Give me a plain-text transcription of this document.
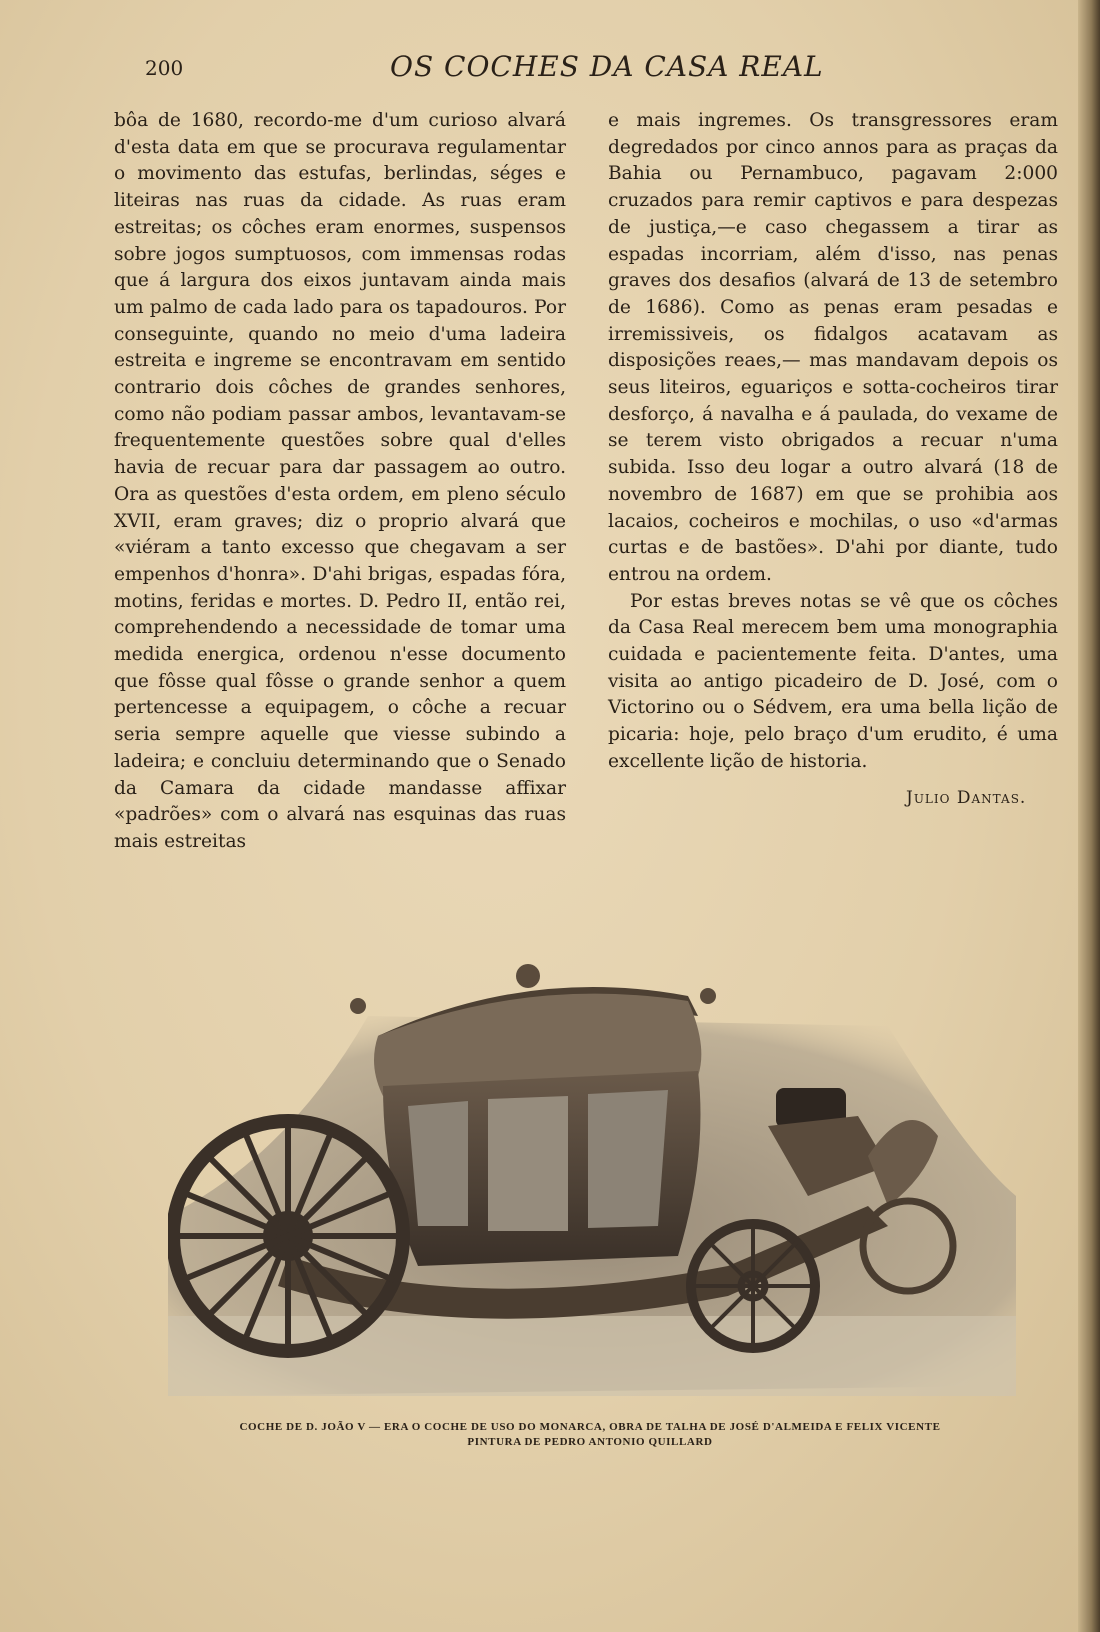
200	OS COCHES DA CASA REAL

bôa de 1680, recordo-me d'um curioso alvará d'esta data em que se procurava regulamentar o movimento das estufas, berlindas, séges e liteiras nas ruas da cidade. As ruas eram estreitas; os côches eram enormes, suspensos sobre jogos sumptuosos, com immensas rodas que á largura dos eixos juntavam ainda mais um palmo de cada lado para os tapadouros. Por conseguinte, quando no meio d'uma ladeira estreita e ingreme se encontravam em sentido contrario dois côches de grandes senhores, como não podiam passar ambos, levantavam-se frequentemente questões sobre qual d'elles havia de recuar para dar passagem ao outro. Ora as questões d'esta ordem, em pleno século XVII, eram graves; diz o proprio alvará que «viéram a tanto excesso que chegavam a ser empenhos d'honra». D'ahi brigas, espadas fóra, motins, feridas e mortes. D. Pedro II, então rei, comprehendendo a necessidade de tomar uma medida energica, ordenou n'esse documento que fôsse qual fôsse o grande senhor a quem pertencesse a equipagem, o côche a recuar seria sempre aquelle que viesse subindo a ladeira; e concluiu determinando que o Senado da Camara da cidade mandasse affixar «padrões» com o alvará nas esquinas das ruas mais estreitas

e mais ingremes. Os transgressores eram degredados por cinco annos para as praças da Bahia ou Pernambuco, pagavam 2:000 cruzados para remir captivos e para despezas de justiça,—e caso chegassem a tirar as espadas incorriam, além d'isso, nas penas graves dos desafios (alvará de 13 de setembro de 1686). Como as penas eram pesadas e irremissiveis, os fidalgos acatavam as disposições reaes,— mas mandavam depois os seus liteiros, eguariços e sotta-cocheiros tirar desforço, á navalha e á paulada, do vexame de se terem visto obrigados a recuar n'uma subida. Isso deu logar a outro alvará (18 de novembro de 1687) em que se prohibia aos lacaios, cocheiros e mochilas, o uso «d'armas curtas e de bastões». D'ahi por diante, tudo entrou na ordem.

Por estas breves notas se vê que os côches da Casa Real merecem bem uma monographia cuidada e pacientemente feita. D'antes, uma visita ao antigo picadeiro de D. José, com o Victorino ou o Sédvem, era uma bella lição de picaria: hoje, pelo braço d'um erudito, é uma excellente lição de historia.

Julio Dantas.
COCHE DE D. JOÃO V — ERA O COCHE DE USO DO MONARCA, OBRA DE TALHA DE JOSÉ D'ALMEIDA E FELIX VICENTE
PINTURA DE PEDRO ANTONIO QUILLARD
